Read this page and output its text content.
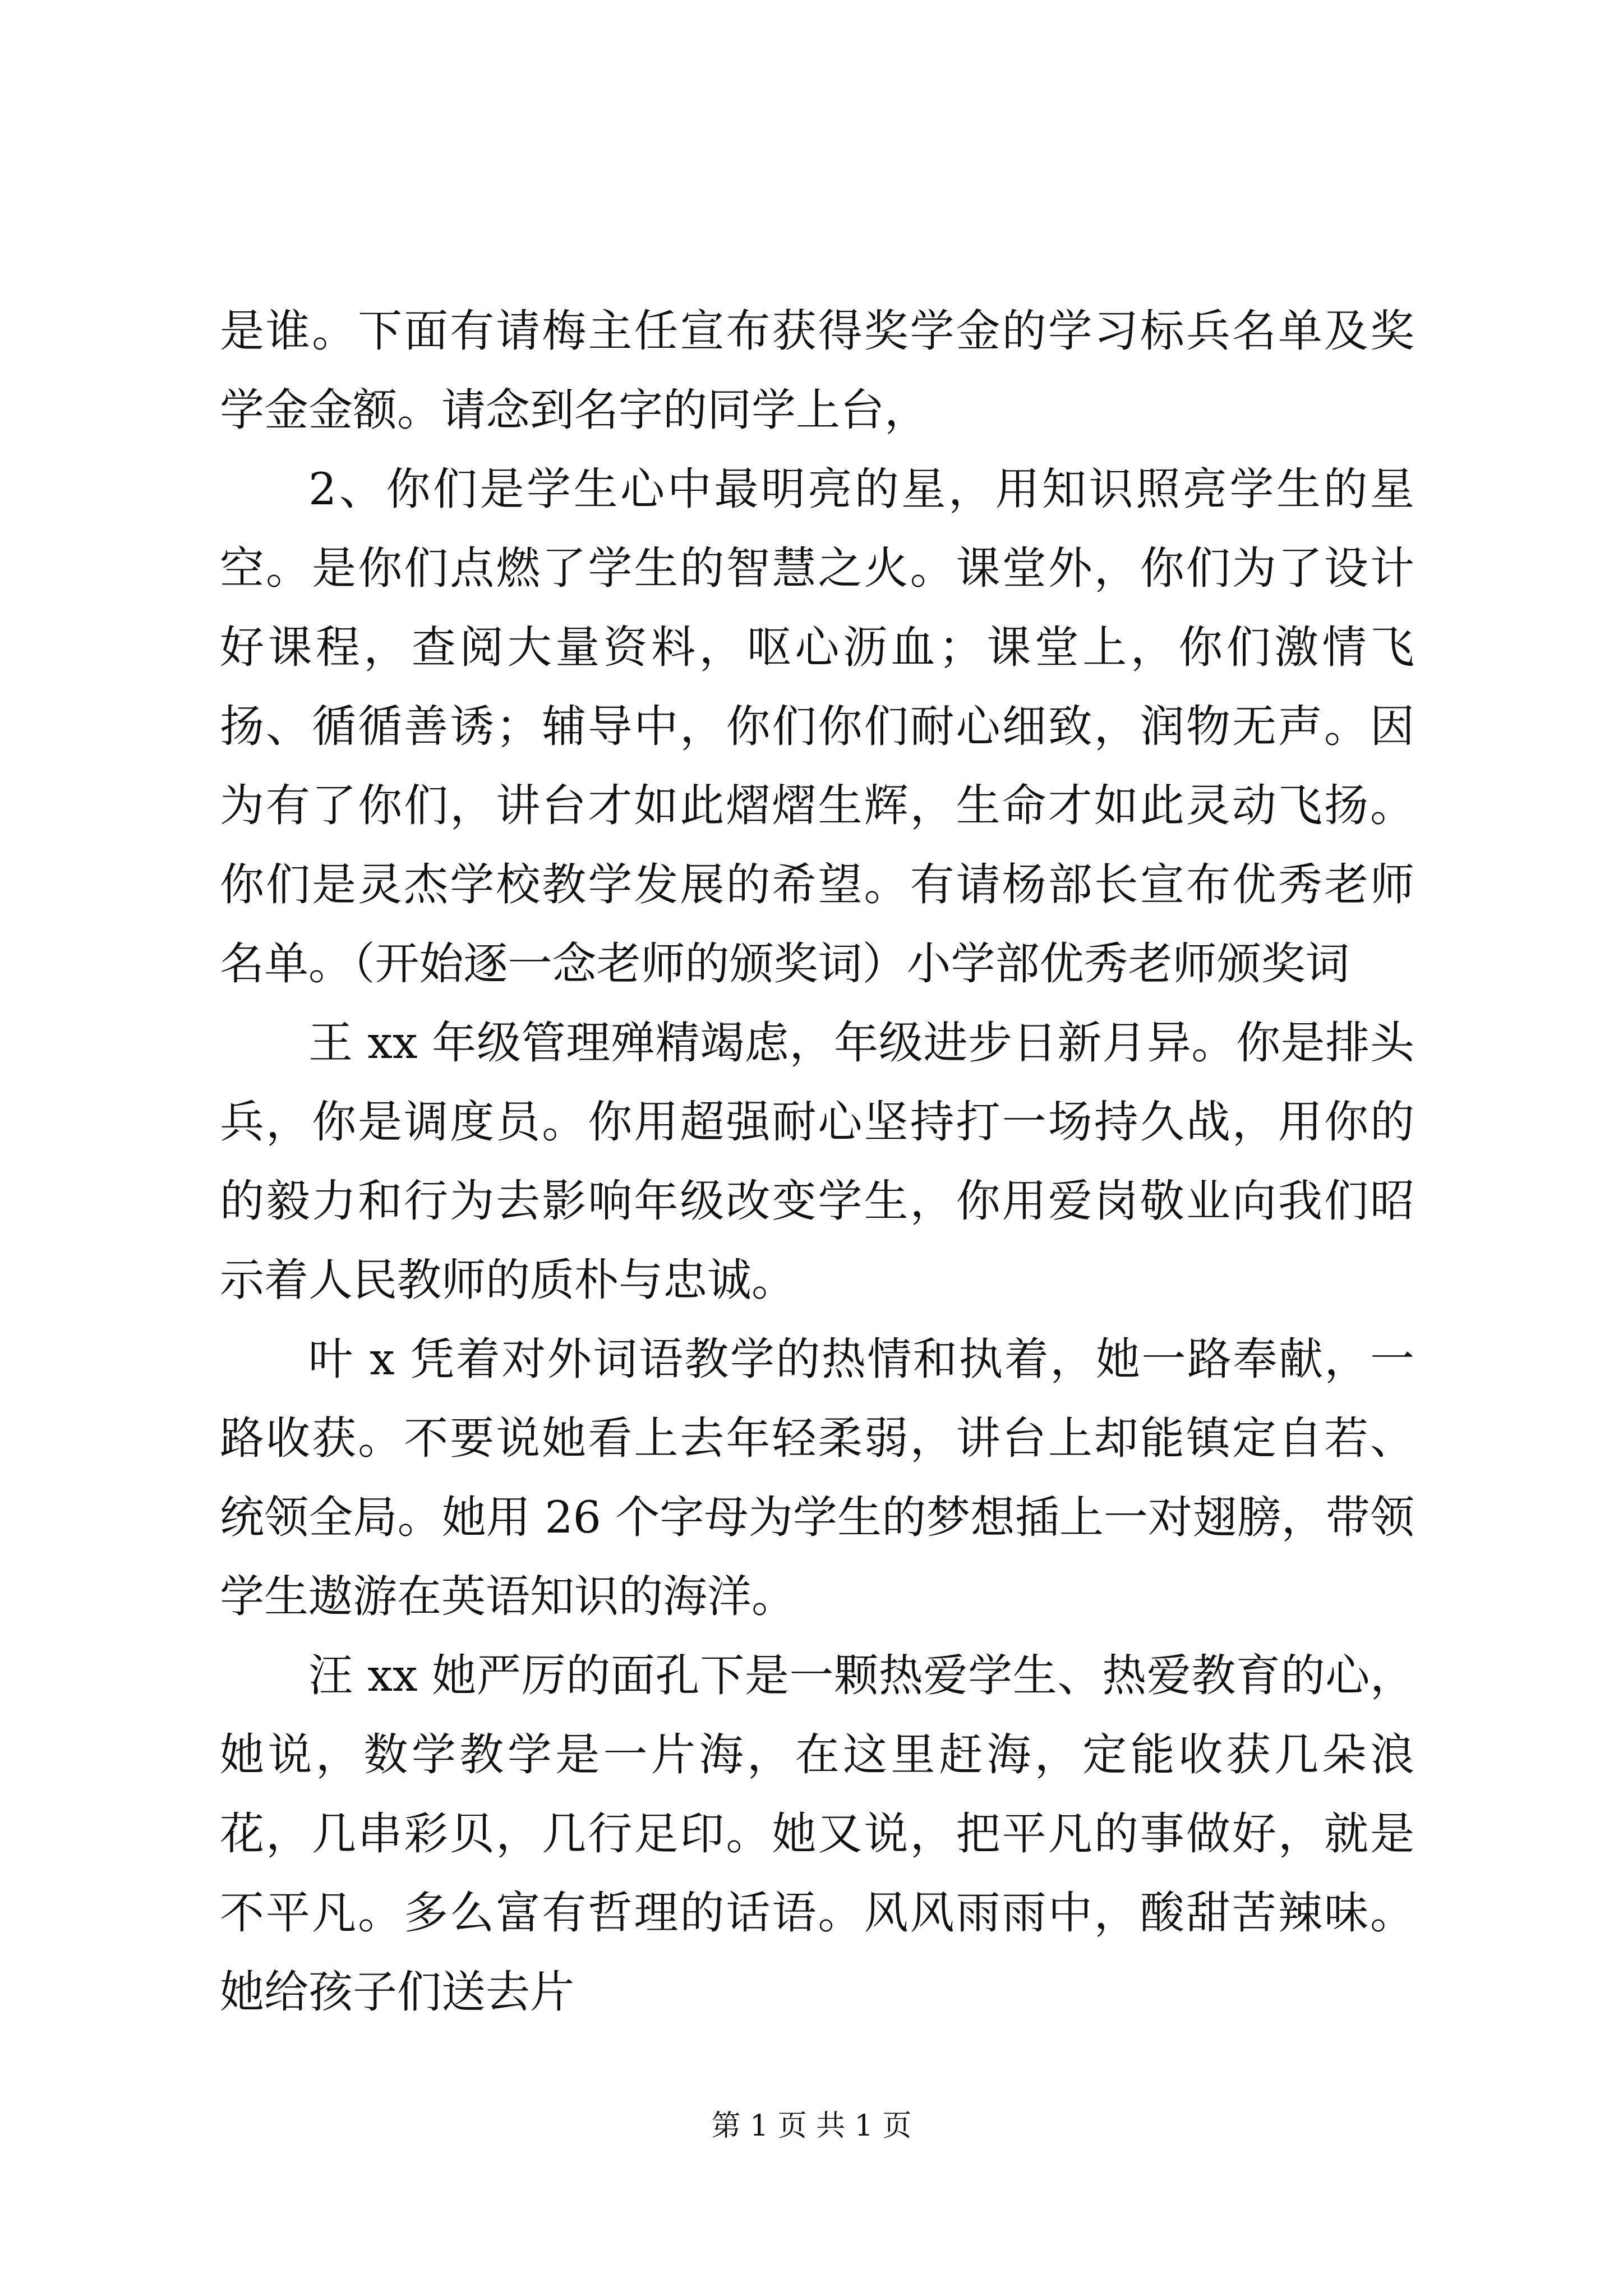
是谁。下面有请梅主任宣布获得奖学金的学习标兵名单及奖学金金额。请念到名字的同学上台，

2、你们是学生心中最明亮的星，用知识照亮学生的星空。是你们点燃了学生的智慧之火。课堂外，你们为了设计好课程，查阅大量资料，呕心沥血；课堂上，你们激情飞扬、循循善诱；辅导中，你们你们耐心细致，润物无声。因为有了你们，讲台才如此熠熠生辉，生命才如此灵动飞扬。你们是灵杰学校教学发展的希望。有请杨部长宣布优秀老师名单。（开始逐一念老师的颁奖词）小学部优秀老师颁奖词

王 xx 年级管理殚精竭虑，年级进步日新月异。你是排头兵，你是调度员。你用超强耐心坚持打一场持久战，用你的的毅力和行为去影响年级改变学生，你用爱岗敬业向我们昭示着人民教师的质朴与忠诚。

叶 x 凭着对外词语教学的热情和执着，她一路奉献，一路收获。不要说她看上去年轻柔弱，讲台上却能镇定自若、统领全局。她用 26 个字母为学生的梦想插上一对翅膀，带领学生遨游在英语知识的海洋。

汪 xx 她严厉的面孔下是一颗热爱学生、热爱教育的心，她说，数学教学是一片海，在这里赶海，定能收获几朵浪花，几串彩贝，几行足印。她又说，把平凡的事做好，就是不平凡。多么富有哲理的话语。风风雨雨中，酸甜苦辣味。她给孩子们送去片

第 1 页 共 1 页
